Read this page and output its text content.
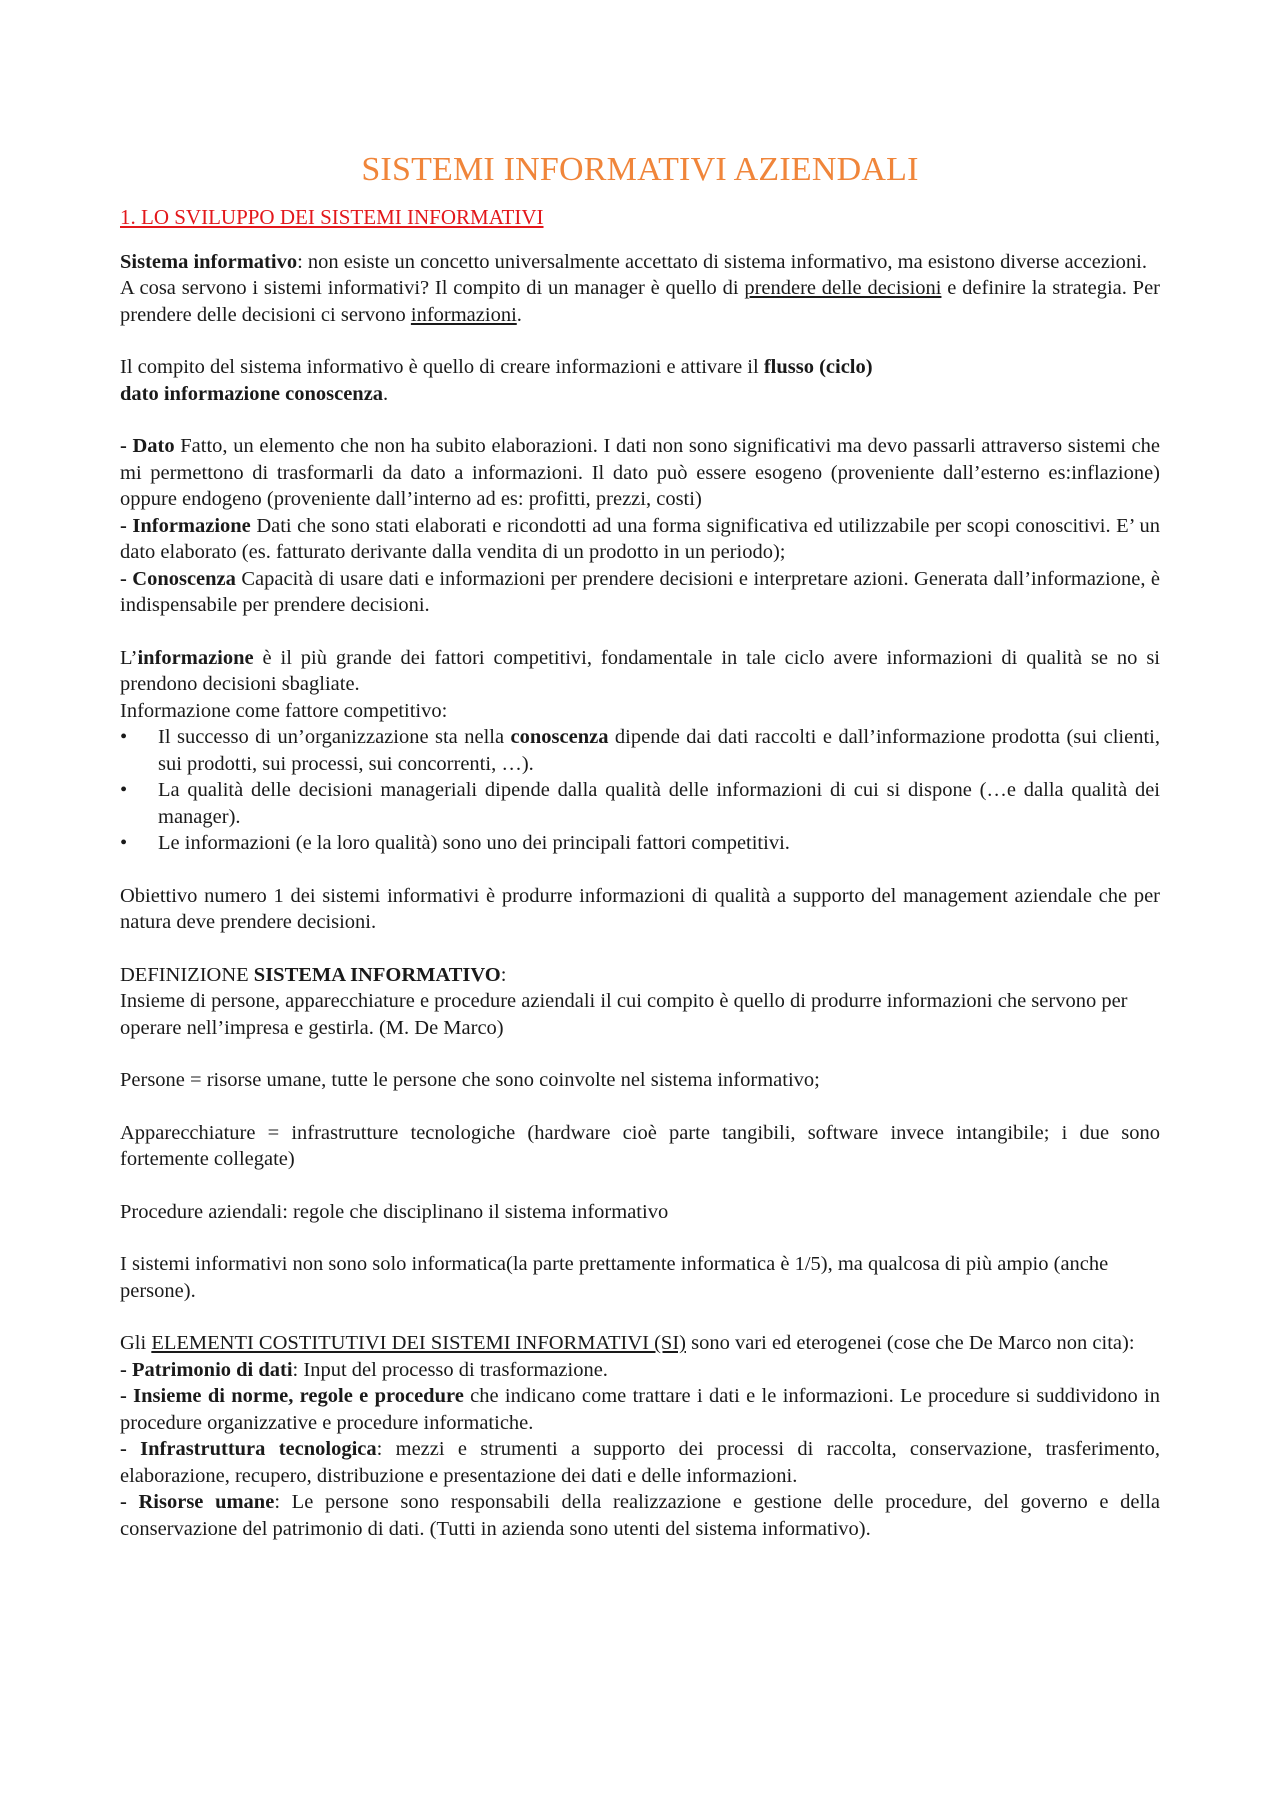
SISTEMI INFORMATIVI AZIENDALI
1. LO SVILUPPO DEI SISTEMI INFORMATIVI

Sistema informativo: non esiste un concetto universalmente accettato di sistema informativo, ma esistono diverse accezioni.

A cosa servono i sistemi informativi? Il compito di un manager è quello di prendere delle decisioni e definire la strategia. Per prendere delle decisioni ci servono informazioni.

Il compito del sistema informativo è quello di creare informazioni e attivare il flusso (ciclo)
dato informazione conoscenza.

- Dato Fatto, un elemento che non ha subito elaborazioni. I dati non sono significativi ma devo passarli attraverso sistemi che mi permettono di trasformarli da dato a informazioni. Il dato può essere esogeno (proveniente dall’esterno es:inflazione) oppure endogeno (proveniente dall’interno ad es: profitti, prezzi, costi)

- Informazione Dati che sono stati elaborati e ricondotti ad una forma significativa ed utilizzabile per scopi conoscitivi. E’ un dato elaborato (es. fatturato derivante dalla vendita di un prodotto in un periodo);

- Conoscenza Capacità di usare dati e informazioni per prendere decisioni e interpretare azioni. Generata dall’informazione, è indispensabile per prendere decisioni.

L’informazione è il più grande dei fattori competitivi, fondamentale in tale ciclo avere informazioni di qualità se no si prendono decisioni sbagliate.

Informazione come fattore competitivo:

• Il successo di un’organizzazione sta nella conoscenza dipende dai dati raccolti e dall’informazione prodotta (sui clienti, sui prodotti, sui processi, sui concorrenti, …).
• La qualità delle decisioni manageriali dipende dalla qualità delle informazioni di cui si dispone (…e dalla qualità dei manager).
• Le informazioni (e la loro qualità) sono uno dei principali fattori competitivi.

Obiettivo numero 1 dei sistemi informativi è produrre informazioni di qualità a supporto del management aziendale che per natura deve prendere decisioni.

DEFINIZIONE SISTEMA INFORMATIVO:

Insieme di persone, apparecchiature e procedure aziendali il cui compito è quello di produrre informazioni che servono per operare nell’impresa e gestirla. (M. De Marco)

Persone = risorse umane, tutte le persone che sono coinvolte nel sistema informativo;

Apparecchiature = infrastrutture tecnologiche (hardware cioè parte tangibili, software invece intangibile; i due sono fortemente collegate)

Procedure aziendali: regole che disciplinano il sistema informativo

I sistemi informativi non sono solo informatica(la parte prettamente informatica è 1/5), ma qualcosa di più ampio (anche persone).

Gli ELEMENTI COSTITUTIVI DEI SISTEMI INFORMATIVI (SI) sono vari ed eterogenei (cose che De Marco non cita):

- Patrimonio di dati: Input del processo di trasformazione.

- Insieme di norme, regole e procedure che indicano come trattare i dati e le informazioni. Le procedure si suddividono in procedure organizzative e procedure informatiche.

- Infrastruttura tecnologica: mezzi e strumenti a supporto dei processi di raccolta, conservazione, trasferimento, elaborazione, recupero, distribuzione e presentazione dei dati e delle informazioni.

- Risorse umane: Le persone sono responsabili della realizzazione e gestione delle procedure, del governo e della conservazione del patrimonio di dati. (Tutti in azienda sono utenti del sistema informativo).
